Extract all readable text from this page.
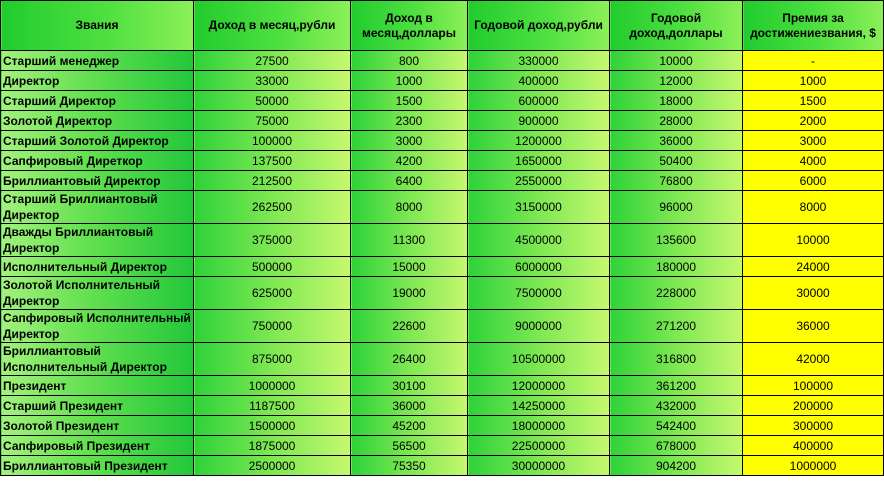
Звания	Доход в месяц,рубли	Доход в месяц,доллары	Годовой доход,рубли	Годовой доход,доллары	Премия за достижениезвания, $
Старший менеджер	27500	800	330000	10000	-
Директор	33000	1000	400000	12000	1000
Старший Директор	50000	1500	600000	18000	1500
Золотой Директор	75000	2300	900000	28000	2000
Старший Золотой Директор	100000	3000	1200000	36000	3000
Сапфировый Диреткор	137500	4200	1650000	50400	4000
Бриллиантовый Директор	212500	6400	2550000	76800	6000
Старший Бриллиантовый Директор	262500	8000	3150000	96000	8000
Дважды Бриллиантовый Директор	375000	11300	4500000	135600	10000
Исполнительный Директор	500000	15000	6000000	180000	24000
Золотой Исполнительный Директор	625000	19000	7500000	228000	30000
Сапфировый Исполнительный Директор	750000	22600	9000000	271200	36000
Бриллиантовый Исполнительный Директор	875000	26400	10500000	316800	42000
Президент	1000000	30100	12000000	361200	100000
Старший Президент	1187500	36000	14250000	432000	200000
Золотой Президент	1500000	45200	18000000	542400	300000
Сапфировый Президент	1875000	56500	22500000	678000	400000
Бриллиантовый Президент	2500000	75350	30000000	904200	1000000
